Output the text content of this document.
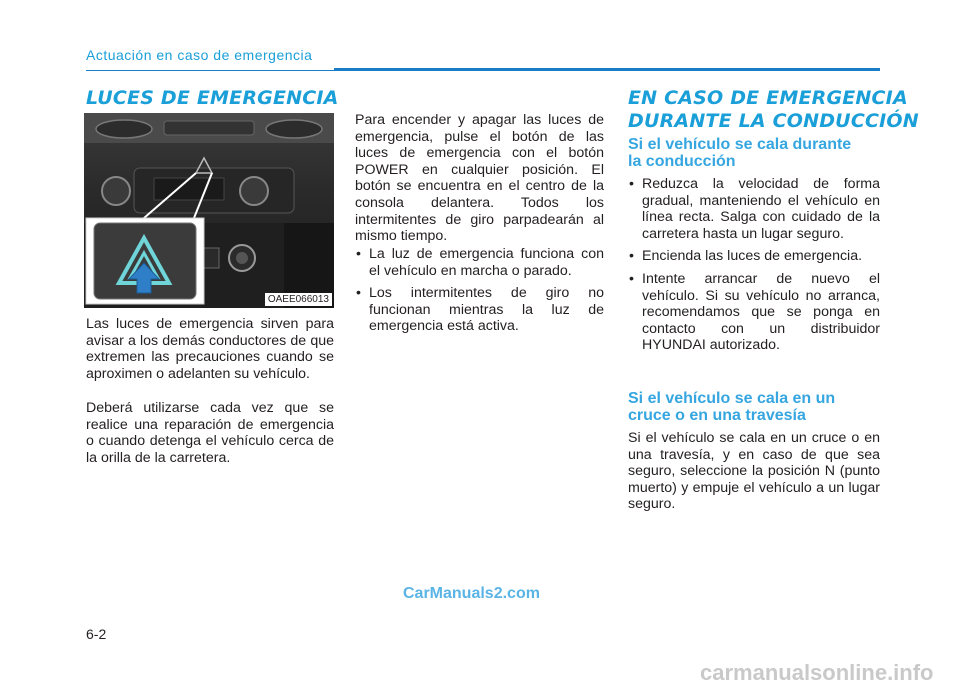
Actuación en caso de emergencia
LUCES DE EMERGENCIA
OAEE066013

Las luces de emergencia sirven para avisar a los demás conductores de que extremen las precauciones cuando se aproximen o adelanten su vehículo.

Deberá utilizarse cada vez que se realice una reparación de emergencia o cuando detenga el vehículo cerca de la orilla de la carretera.

Para encender y apagar las luces de emergencia, pulse el botón de las luces de emergencia con el botón POWER en cualquier posición. El botón se encuentra en el centro de la consola delantera. Todos los intermitentes de giro parpadearán al mismo tiempo.

• La luz de emergencia funciona con el vehículo en marcha o parado.
• Los intermitentes de giro no funcionan mientras la luz de emergencia está activa.
EN CASO DE EMERGENCIA
DURANTE LA CONDUCCIÓN
Si el vehículo se cala durante
la conducción
• Reduzca la velocidad de forma gradual, manteniendo el vehículo en línea recta. Salga con cuidado de la carretera hasta un lugar seguro.
• Encienda las luces de emergencia.
• Intente arrancar de nuevo el vehículo. Si su vehículo no arranca, recomendamos que se ponga en contacto con un distribuidor HYUNDAI autorizado.
Si el vehículo se cala en un
cruce o en una travesía

Si el vehículo se cala en un cruce o en una travesía, y en caso de que sea seguro, seleccione la posición N (punto muerto) y empuje el vehículo a un lugar seguro.

CarManuals2.com
6-2
carmanualsonline.info
